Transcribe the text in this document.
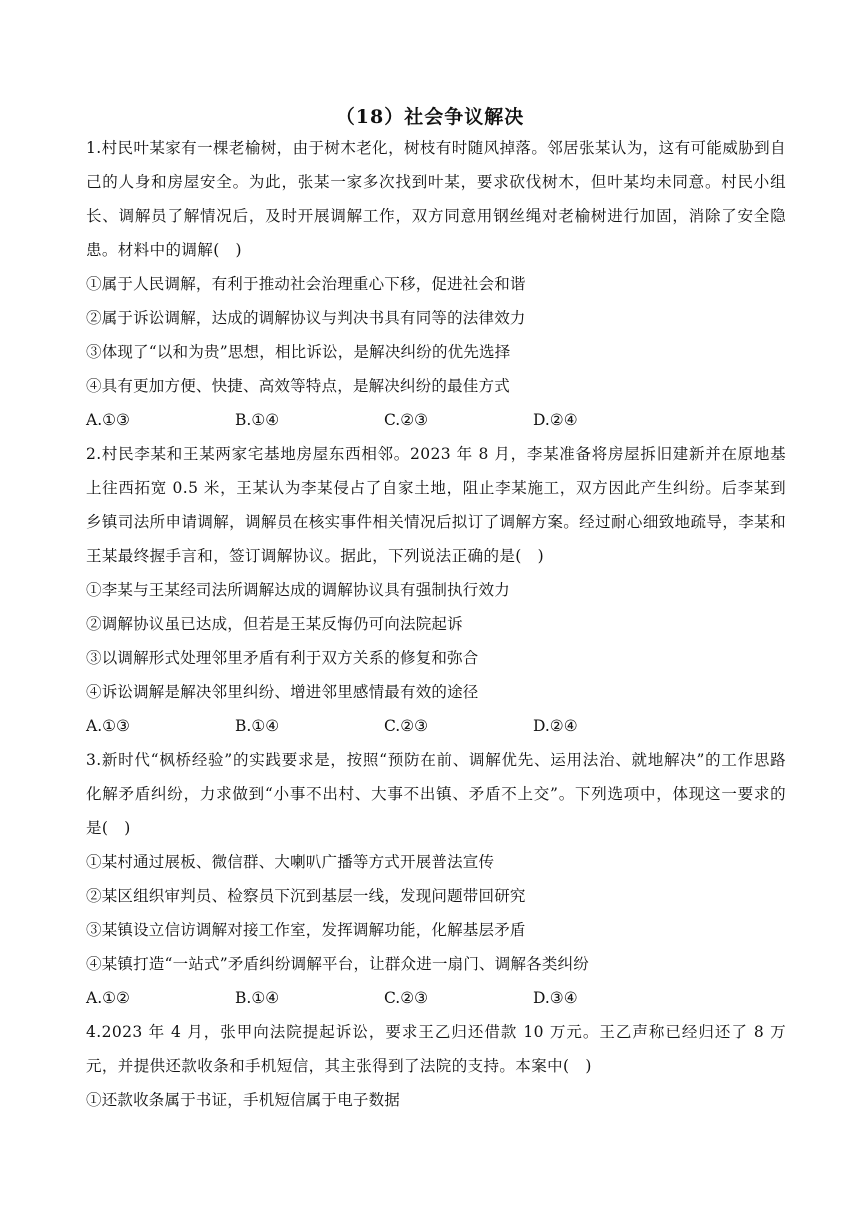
（18）社会争议解决

1.村民叶某家有一棵老榆树，由于树木老化，树枝有时随风掉落。邻居张某认为，这有可能威胁到自己的人身和房屋安全。为此，张某一家多次找到叶某，要求砍伐树木，但叶某均未同意。村民小组长、调解员了解情况后，及时开展调解工作，双方同意用钢丝绳对老榆树进行加固，消除了安全隐患。材料中的调解(　)

①属于人民调解，有利于推动社会治理重心下移，促进社会和谐

②属于诉讼调解，达成的调解协议与判决书具有同等的法律效力

③体现了“以和为贵”思想，相比诉讼，是解决纠纷的优先选择

④具有更加方便、快捷、高效等特点，是解决纠纷的最佳方式

A.①③	B.①④	C.②③	D.②④

2.村民李某和王某两家宅基地房屋东西相邻。2023 年 8 月，李某准备将房屋拆旧建新并在原地基上往西拓宽 0.5 米，王某认为李某侵占了自家土地，阻止李某施工，双方因此产生纠纷。后李某到乡镇司法所申请调解，调解员在核实事件相关情况后拟订了调解方案。经过耐心细致地疏导，李某和王某最终握手言和，签订调解协议。据此，下列说法正确的是(　)

①李某与王某经司法所调解达成的调解协议具有强制执行效力

②调解协议虽已达成，但若是王某反悔仍可向法院起诉

③以调解形式处理邻里矛盾有利于双方关系的修复和弥合

④诉讼调解是解决邻里纠纷、增进邻里感情最有效的途径

A.①③	B.①④	C.②③	D.②④

3.新时代“枫桥经验”的实践要求是，按照“预防在前、调解优先、运用法治、就地解决”的工作思路化解矛盾纠纷，力求做到“小事不出村、大事不出镇、矛盾不上交”。下列选项中，体现这一要求的是(　)

①某村通过展板、微信群、大喇叭广播等方式开展普法宣传

②某区组织审判员、检察员下沉到基层一线，发现问题带回研究

③某镇设立信访调解对接工作室，发挥调解功能，化解基层矛盾

④某镇打造“一站式”矛盾纠纷调解平台，让群众进一扇门、调解各类纠纷

A.①②	B.①④	C.②③	D.③④

4.2023 年 4 月，张甲向法院提起诉讼，要求王乙归还借款 10 万元。王乙声称已经归还了 8 万元，并提供还款收条和手机短信，其主张得到了法院的支持。本案中(　)

①还款收条属于书证，手机短信属于电子数据
